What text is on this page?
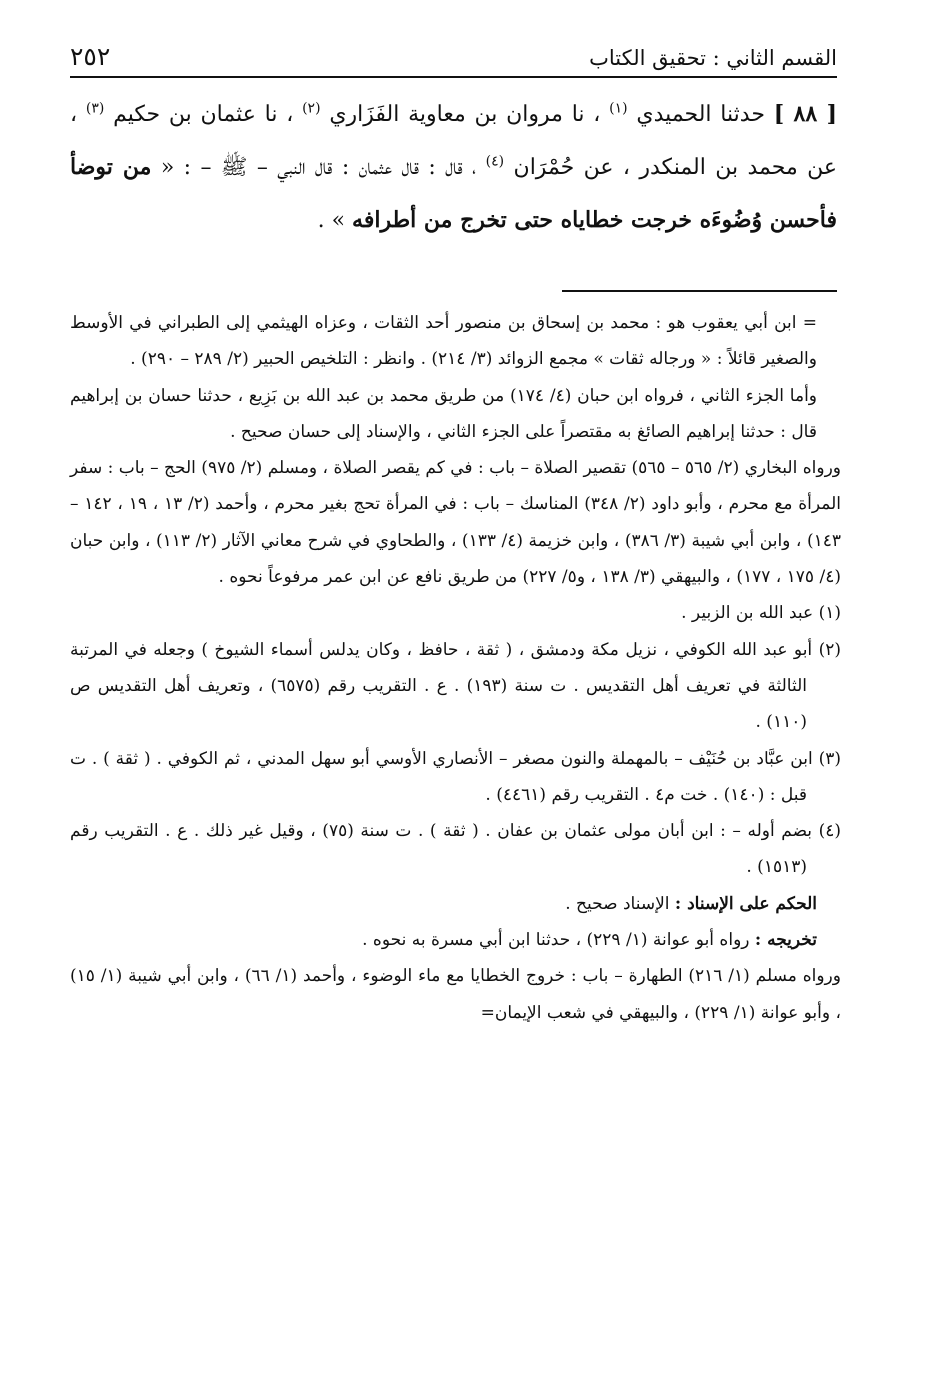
القسم الثاني : تحقيق الكتاب
٢٥٢
[ ٨٨ ] حدثنا الحميدي $^{(١)}$ ، نا مروان بن معاوية الفَزَاري $^{(٢)}$ ، نا عثمان بن حكيم $^{(٣)}$ ، عن محمد بن المنكدر ، عن حُمْرَان $^{(٤)}$ ، قال : قال عثمان : قال النبي – ﷺ – : « من توضأ فأحسن وُضُوءَه خرجت خطاياه حتى تخرج من أطرافه » .

= ابن أبي يعقوب هو : محمد بن إسحاق بن منصور أحد الثقات ، وعزاه الهيثمي إلى الطبراني في الأوسط والصغير قائلاً : « ورجاله ثقات » مجمع الزوائد (٣/ ٢١٤) . وانظر : التلخيص الحبير (٢/ ٢٨٩ – ٢٩٠) .

وأما الجزء الثاني ، فرواه ابن حبان (٤/ ١٧٤) من طريق محمد بن عبد الله بن بَزِيع ، حدثنا حسان بن إبراهيم قال : حدثنا إبراهيم الصائغ به مقتصراً على الجزء الثاني ، والإسناد إلى حسان صحيح .

ورواه البخاري (٢/ ٥٦٥ – ٥٦٥) تقصير الصلاة – باب : في كم يقصر الصلاة ، ومسلم (٢/ ٩٧٥) الحج – باب : سفر المرأة مع محرم ، وأبو داود (٢/ ٣٤٨) المناسك – باب : في المرأة تحج بغير محرم ، وأحمد (٢/ ١٣ ، ١٩ ، ١٤٢ – ١٤٣) ، وابن أبي شيبة (٣/ ٣٨٦) ، وابن خزيمة (٤/ ١٣٣) ، والطحاوي في شرح معاني الآثار (٢/ ١١٣) ، وابن حبان (٤/ ١٧٥ ، ١٧٧) ، والبيهقي (٣/ ١٣٨ ، و٥/ ٢٢٧) من طريق نافع عن ابن عمر مرفوعاً نحوه .

(١) عبد الله بن الزبير .

(٢) أبو عبد الله الكوفي ، نزيل مكة ودمشق ، ( ثقة ، حافظ ، وكان يدلس أسماء الشيوخ ) وجعله في المرتبة الثالثة في تعريف أهل التقديس . ت سنة (١٩٣) . ع . التقريب رقم (٦٥٧٥) ، وتعريف أهل التقديس ص (١١٠) .

(٣) ابن عبَّاد بن حُنَيْف – بالمهملة والنون مصغر – الأنصاري الأوسي أبو سهل المدني ، ثم الكوفي . ( ثقة ) . ت قبل : (١٤٠) . خت م٤ . التقريب رقم (٤٤٦١) .

(٤) بضم أوله – : ابن أبان مولى عثمان بن عفان . ( ثقة ) . ت سنة (٧٥) ، وقيل غير ذلك . ع . التقريب رقم (١٥١٣) .

الحكم على الإسناد : الإسناد صحيح .

تخريجه : رواه أبو عوانة (١/ ٢٢٩) ، حدثنا ابن أبي مسرة به نحوه .

ورواه مسلم (١/ ٢١٦) الطهارة – باب : خروج الخطايا مع ماء الوضوء ، وأحمد (١/ ٦٦) ، وابن أبي شيبة (١/ ١٥) ، وأبو عوانة (١/ ٢٢٩) ، والبيهقي في شعب الإيمان=
